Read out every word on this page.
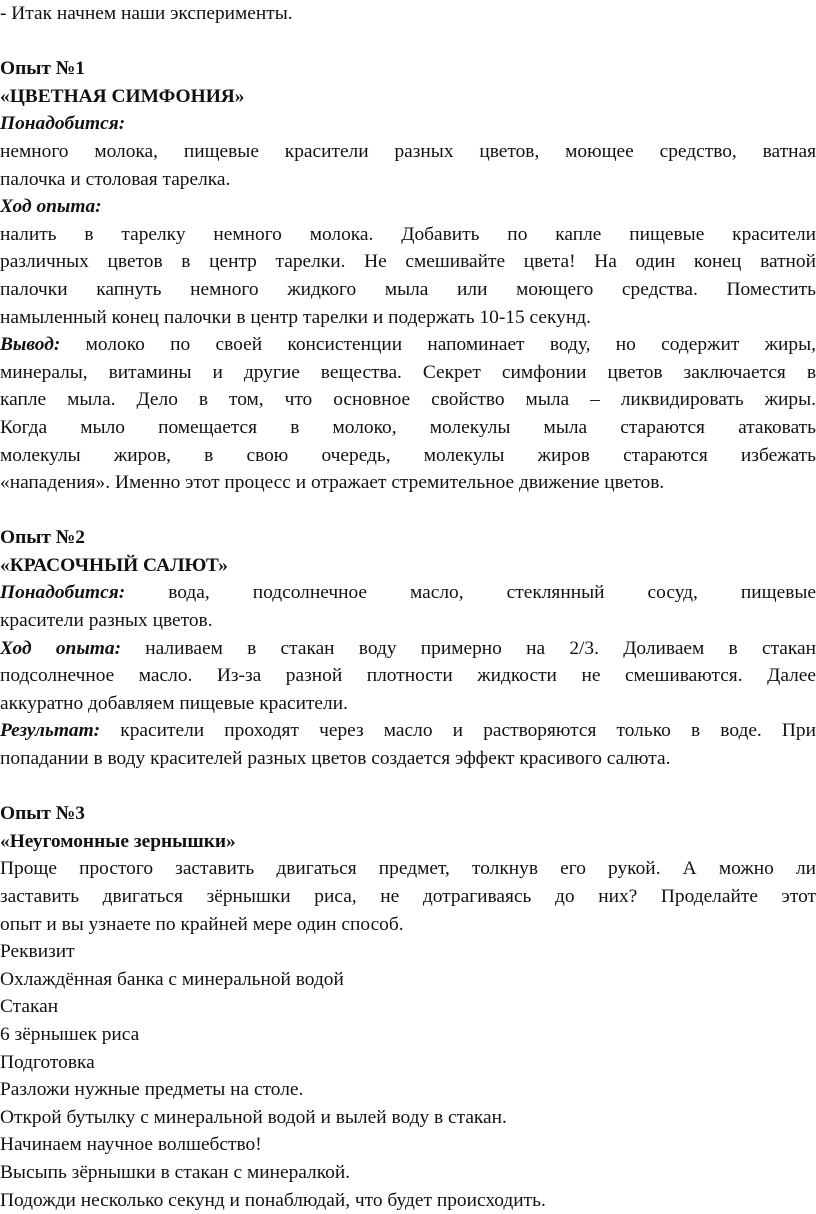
- Итак начнем наши эксперименты.
Опыт №1
«ЦВЕТНАЯ СИМФОНИЯ»
Понадобится:
немного молока, пищевые красители разных цветов, моющее средство, ватная
палочка и столовая тарелка.
Ход опыта:
налить в тарелку немного молока. Добавить по капле пищевые красители
различных цветов в центр тарелки. Не смешивайте цвета! На один конец ватной
палочки капнуть немного жидкого мыла или моющего средства. Поместить
намыленный конец палочки в центр тарелки и подержать 10-15 секунд.
Вывод: молоко по своей консистенции напоминает воду, но содержит жиры,
минералы, витамины и другие вещества. Секрет симфонии цветов заключается в
капле мыла. Дело в том, что основное свойство мыла – ликвидировать жиры.
Когда мыло помещается в молоко, молекулы мыла стараются атаковать
молекулы жиров, в свою очередь, молекулы жиров стараются избежать
«нападения». Именно этот процесс и отражает стремительное движение цветов.
Опыт №2
«КРАСОЧНЫЙ САЛЮТ»
Понадобится: вода, подсолнечное масло, стеклянный сосуд, пищевые
красители разных цветов.
Ход опыта: наливаем в стакан воду примерно на 2/3. Доливаем в стакан
подсолнечное масло. Из-за разной плотности жидкости не смешиваются. Далее
аккуратно добавляем пищевые красители.
Результат: красители проходят через масло и растворяются только в воде. При
попадании в воду красителей разных цветов создается эффект красивого салюта.
Опыт №3
«Неугомонные зернышки»
Проще простого заставить двигаться предмет, толкнув его рукой. А можно ли
заставить двигаться зёрнышки риса, не дотрагиваясь до них? Проделайте этот
опыт и вы узнаете по крайней мере один способ.
Реквизит
Охлаждённая банка с минеральной водой
Стакан
6 зёрнышек риса
Подготовка
Разложи нужные предметы на столе.
Открой бутылку с минеральной водой и вылей воду в стакан.
Начинаем научное волшебство!
Высыпь зёрнышки в стакан с минералкой.
Подожди несколько секунд и понаблюдай, что будет происходить.
